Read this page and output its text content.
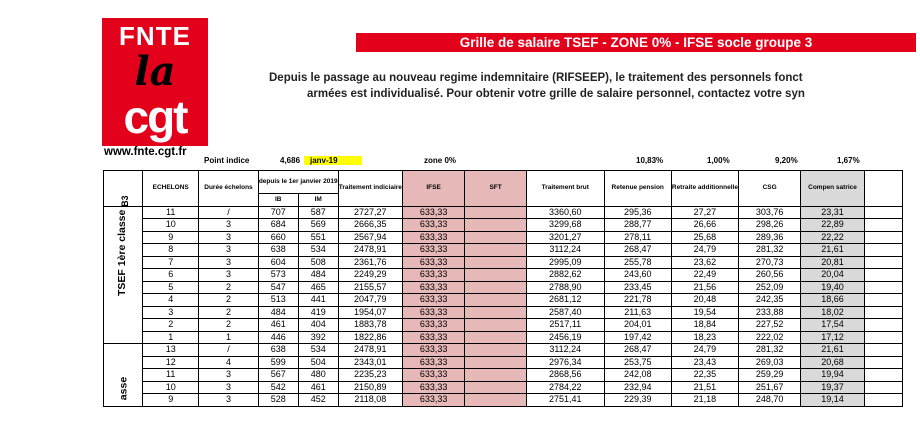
FNTE
la
cgt
www.fnte.cgt.fr
Grille de salaire TSEF - ZONE 0% - IFSE socle groupe 3
Depuis le passage au nouveau regime indemnitaire (RIFSEEP), le traitement des personnels fonct
armées est individualisé. Pour obtenir votre grille de salaire personnel, contactez votre syn
Point indice	4,686	janv-19	zone 0%	10,83%	1,00%	9,20%	1,67%
	ECHELONS	Durée échelons	depuis le 1er janvier 2019		Traitement indiciaire	IFSE	SFT	Traitement brut	Retenue pension	Retraite additionnelle	CSG	Compen satrice	
			IB	IM									

TSEF 1ère classe $_{B3}$	11	/	707	587	2727,27	633,33		3360,60	295,36	27,27	303,76	23,31	
	10	3	684	569	2666,35	633,33		3299,68	288,77	26,66	298,26	22,89	
	9	3	660	551	2567,94	633,33		3201,27	278,11	25,68	289,36	22,22	
	8	3	638	534	2478,91	633,33		3112,24	268,47	24,79	281,32	21,61	
	7	3	604	508	2361,76	633,33		2995,09	255,78	23,62	270,73	20,81	
	6	3	573	484	2249,29	633,33		2882,62	243,60	22,49	260,56	20,04	
	5	2	547	465	2155,57	633,33		2788,90	233,45	21,56	252,09	19,40	
	4	2	513	441	2047,79	633,33		2681,12	221,78	20,48	242,35	18,66	
	3	2	484	419	1954,07	633,33		2587,40	211,63	19,54	233,88	18,02	
	2	2	461	404	1883,78	633,33		2517,11	204,01	18,84	227,52	17,54	
	1	1	446	392	1822,86	633,33		2456,19	197,42	18,23	222,02	17,12	

asse	13	/	638	534	2478,91	633,33		3112,24	268,47	24,79	281,32	21,61	
	12	4	599	504	2343,01	633,33		2976,34	253,75	23,43	269,03	20,68	
	11	3	567	480	2235,23	633,33		2868,56	242,08	22,35	259,29	19,94	
	10	3	542	461	2150,89	633,33		2784,22	232,94	21,51	251,67	19,37	
	9	3	528	452	2118,08	633,33		2751,41	229,39	21,18	248,70	19,14	
